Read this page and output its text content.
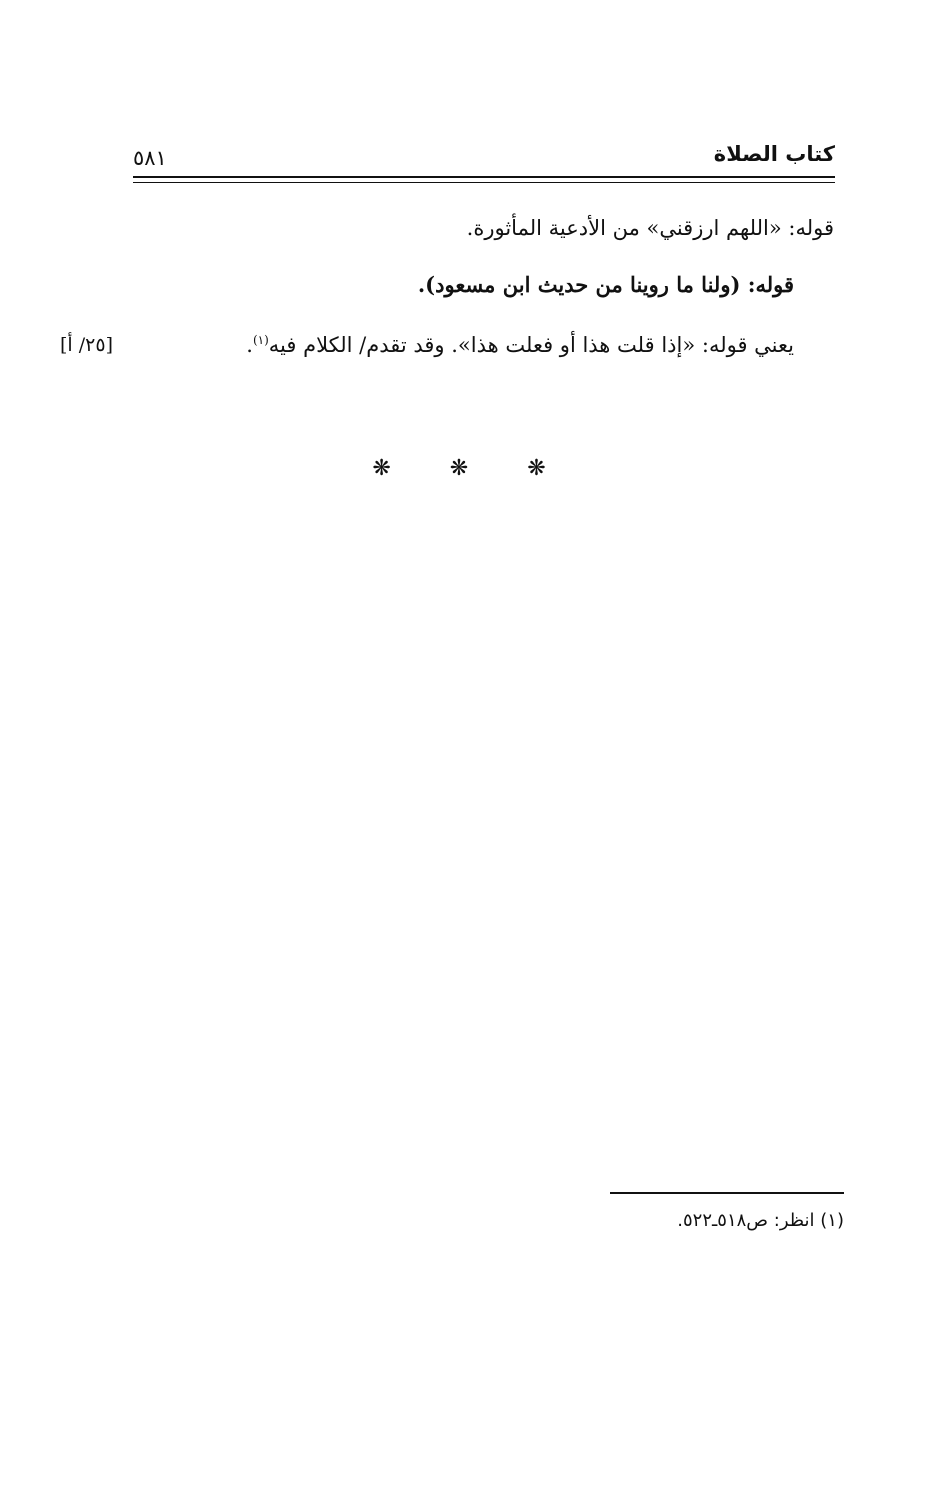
كتاب الصلاة
٥٨١
قوله: «اللهم ارزقني» من الأدعية المأثورة.
قوله: (ولنا ما روينا من حديث ابن مسعود).
يعني قوله: «إذا قلت هذا أو فعلت هذا». وقد تقدم/ الكلام فيه$^{(١)}$.
[٢٥/ أ]
❋ ❋ ❋
(١) انظر: ص٥١٨ـ٥٢٢.
